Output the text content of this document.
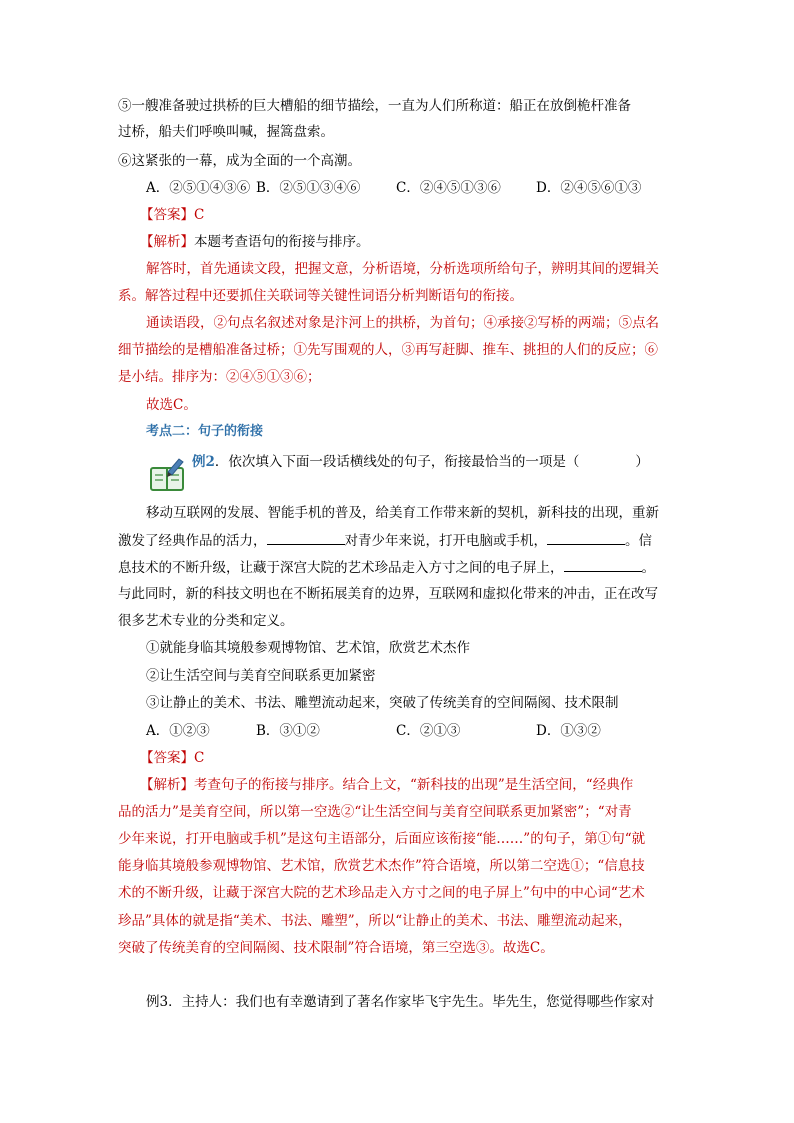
⑤一艘准备驶过拱桥的巨大槽船的细节描绘，一直为人们所称道：船正在放倒桅杆准备
过桥，船夫们呼唤叫喊，握篙盘索。
⑥这紧张的一幕，成为全面的一个高潮。
A．②⑤①④③⑥ B．②⑤①③④⑥	C．②④⑤①③⑥	D．②④⑤⑥①③
【答案】C
【解析】本题考查语句的衔接与排序。
解答时，首先通读文段，把握文意，分析语境，分析选项所给句子，辨明其间的逻辑关
系。解答过程中还要抓住关联词等关键性词语分析判断语句的衔接。
通读语段，②句点名叙述对象是汴河上的拱桥，为首句；④承接②写桥的两端；⑤点名
细节描绘的是槽船准备过桥；①先写围观的人，③再写赶脚、推车、挑担的人们的反应；⑥
是小结。排序为：②④⑤①③⑥；
故选C。
考点二：句子的衔接
例2．依次填入下面一段话横线处的句子，衔接最恰当的一项是（	）
移动互联网的发展、智能手机的普及，给美育工作带来新的契机，新科技的出现，重新
激发了经典作品的活力，	对青少年来说，打开电脑或手机，	。信
息技术的不断升级，让藏于深宫大院的艺术珍品走入方寸之间的电子屏上，	。
与此同时，新的科技文明也在不断拓展美育的边界，互联网和虚拟化带来的冲击，正在改写
很多艺术专业的分类和定义。
①就能身临其境般参观博物馆、艺术馆，欣赏艺术杰作
②让生活空间与美育空间联系更加紧密
③让静止的美术、书法、雕塑流动起来，突破了传统美育的空间隔阂、技术限制
A．①②③	B．③①②	C．②①③	D．①③②
【答案】C
【解析】考查句子的衔接与排序。结合上文，“新科技的出现”是生活空间，“经典作
品的活力”是美育空间，所以第一空选②“让生活空间与美育空间联系更加紧密”；“对青
少年来说，打开电脑或手机”是这句主语部分，后面应该衔接“能……”的句子，第①句“就
能身临其境般参观博物馆、艺术馆，欣赏艺术杰作”符合语境，所以第二空选①；“信息技
术的不断升级，让藏于深宫大院的艺术珍品走入方寸之间的电子屏上”句中的中心词“艺术
珍品”具体的就是指“美术、书法、雕塑”，所以“让静止的美术、书法、雕塑流动起来，
突破了传统美育的空间隔阂、技术限制”符合语境，第三空选③。故选C。
例3．主持人：我们也有幸邀请到了著名作家毕飞宇先生。毕先生，您觉得哪些作家对
